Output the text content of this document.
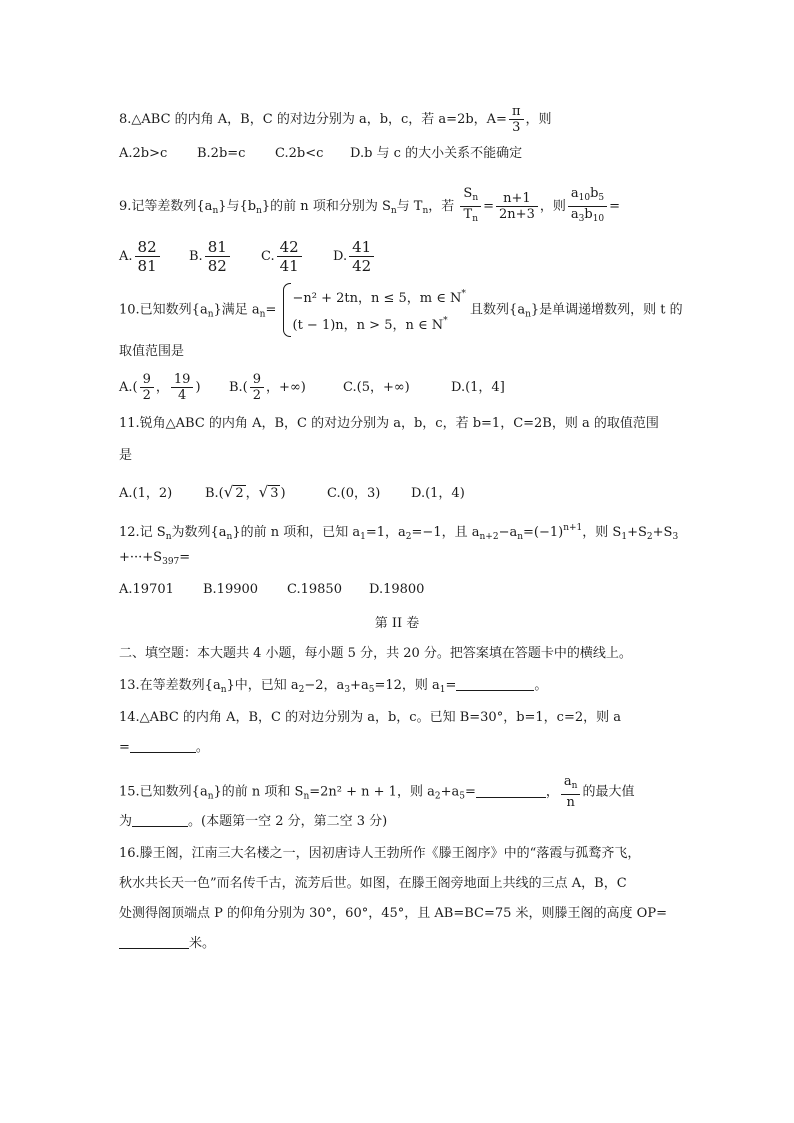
8.△ABC 的内角 A，B，C 的对边分别为 a，b，c，若 a=2b，$A= \frac{\pi}{3}$ ，则
A.2b>c B.2b=c C.2b<c D.b 与 c 的大小关系不能确定
9.记等差数列$\{a_n\}$与$\{b_n\}$的前 n 项和分别为 $S_n$与 $T_n$，若 $\frac{S_n}{T_n} = \frac{n+1}{2n+3}$ ，则 $\frac{a_{10}b_5}{a_3b_{10}}$ =
A. $\frac{82}{81} B$. $\frac{81}{82} C$. $\frac{42}{41} D$. $\frac{41}{42}$
10.已知数列$\{a_n\}$满足 $a_n=$
−n² + 2tn，n ≤ 5，m ∈ N*
(t − 1)n，n > 5，n ∈ N*
且数列$\{a_n\}$是单调递增数列，则 t 的
取值范围是
$A.( \frac{9}{2}$ ， $\frac{19}{4}$ ) $B.( \frac{9}{2}$ ，+∞)	C.(5，+∞)	D.(1，4]
11.锐角△ABC 的内角 A，B，C 的对边分别为 a，b，c，若 b=1，C=2B，则 a 的取值范围
是
A.(1，2)	B.(√ 2 ，√ 3 )	C.(0，3) D.(1，4)
12.记 $S_n$为数列$\{a_n\}$的前 n 项和，已知 $a_1=1$，$a_2=-1$，且 $a_{n+2}-a_n=(-1)^{n+1}$，则 $S_1+S_2+S_3$
$+\cdot\cdot\cdot+S_{397}=$
A.19701 B.19900 C.19850 D.19800
第 II 卷
二、填空题：本大题共 4 小题，每小题 5 分，共 20 分。把答案填在答题卡中的横线上。
13.在等差数列$\{a_n\}$中，已知 $a_2-2$，$a_3+a_5=12$，则 $a_1=$	。
14.△ABC 的内角 A，B，C 的对边分别为 a，b，c。已知 B=30°，b=1，c=2，则 a
=	。
15.已知数列$\{a_n\}$的前 n 项和 $S_n=2n^2 + n + 1$，则 $a_2+a_5=$	， $\frac{a_n}{n}$ 的最大值
为	。(本题第一空 2 分，第二空 3 分)
16.滕王阁，江南三大名楼之一，因初唐诗人王勃所作《滕王阁序》中的“落霞与孤鹜齐飞，
秋水共长天一色”而名传千古，流芳后世。如图，在滕王阁旁地面上共线的三点 A，B，C
处测得阁顶端点 P 的仰角分别为 30°，60°，45°，且 AB=BC=75 米，则滕王阁的高度 OP=
米。
